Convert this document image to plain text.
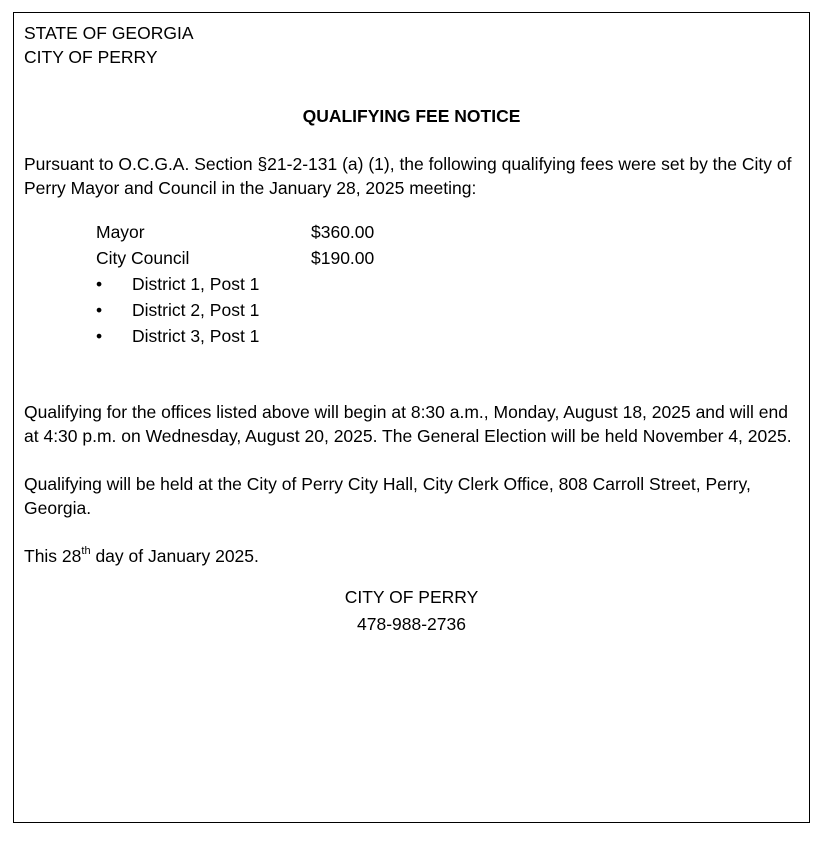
STATE OF GEORGIA
CITY OF PERRY
QUALIFYING FEE NOTICE
Pursuant to O.C.G.A. Section §21-2-131 (a) (1), the following qualifying fees were set by the City of Perry Mayor and Council in the January 28, 2025 meeting:
Mayor	$360.00
City Council	$190.00
•	District 1, Post 1
•	District 2, Post 1
•	District 3, Post 1
Qualifying for the offices listed above will begin at 8:30 a.m., Monday, August 18, 2025 and will end at 4:30 p.m. on Wednesday, August 20, 2025. The General Election will be held November 4, 2025.
Qualifying will be held at the City of Perry City Hall, City Clerk Office, 808 Carroll Street, Perry, Georgia.
This 28th day of January 2025.
CITY OF PERRY
478-988-2736
